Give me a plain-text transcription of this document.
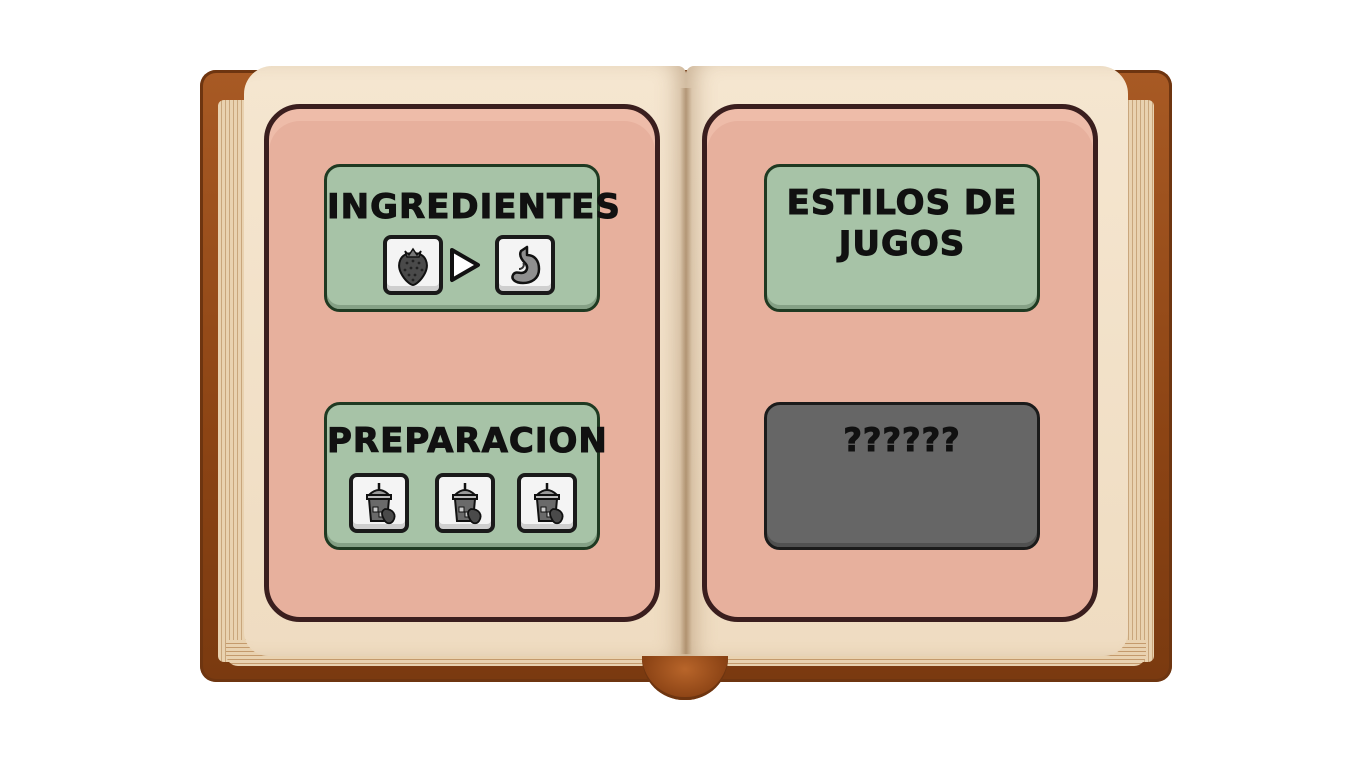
INGREDIENTES
PREPARACION
ESTILOS DE
JUGOS
??????
